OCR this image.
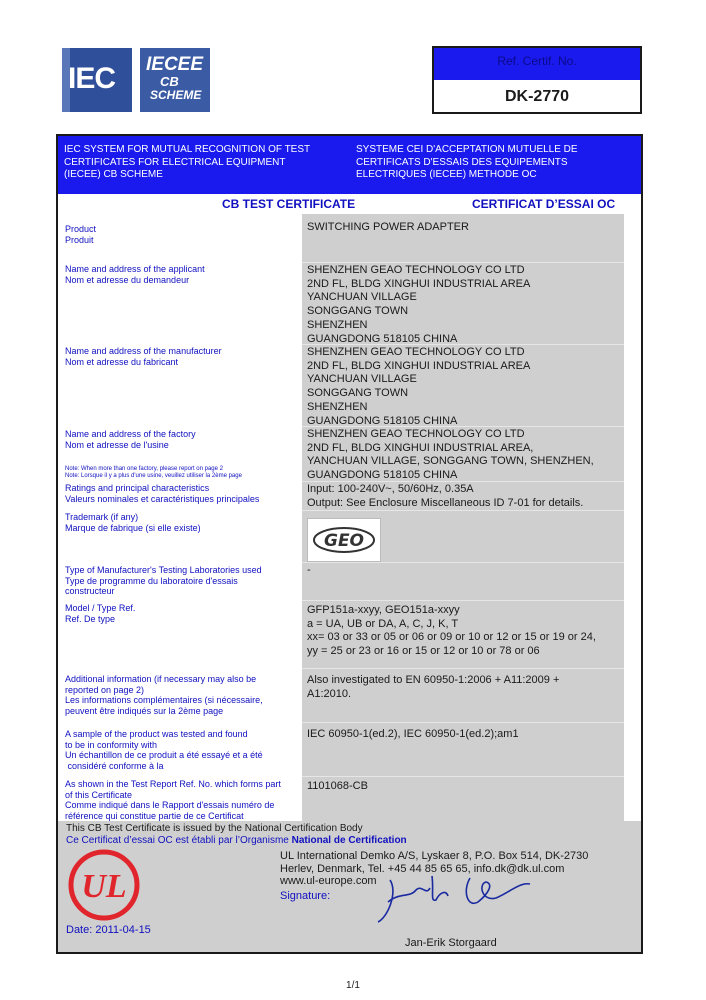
IEC IECEE
CB
SCHEME
Ref. Certif. No.
DK-2770
IEC SYSTEM FOR MUTUAL RECOGNITION OF TEST
CERTIFICATES FOR ELECTRICAL EQUIPMENT
(IECEE) CB SCHEME
SYSTEME CEI D'ACCEPTATION MUTUELLE DE
CERTIFICATS D'ESSAIS DES EQUIPEMENTS
ELECTRIQUES (IECEE) METHODE OC
CB TEST CERTIFICATE	CERTIFICAT D’ESSAI OC
Product
Produit
Name and address of the applicant
Nom et adresse du demandeur
Name and address of the manufacturer
Nom et adresse du fabricant
Name and address of the factory
Nom et adresse de l'usine
Note: When more than one factory, please report on page 2
Note: Lorsque il y a plus d'une usine, veuillez utiliser la 2ème page
Ratings and principal characteristics
Valeurs nominales et caractéristiques principales
Trademark (if any)
Marque de fabrique (si elle existe)
Type of Manufacturer's Testing Laboratories used
Type de programme du laboratoire d'essais
constructeur
Model / Type Ref.
Ref. De type
Additional information (if necessary may also be
reported on page 2)
Les informations complémentaires (si nécessaire,
peuvent être indiqués sur la 2ème page
A sample of the product was tested and found
to be in conformity with
Un échantillon de ce produit a été essayé et a été
considéré conforme à la
As shown in the Test Report Ref. No. which forms part
of this Certificate
Comme indiqué dans le Rapport d'essais numéro de
référence qui constitue partie de ce Certificat
SWITCHING POWER ADAPTER
SHENZHEN GEAO TECHNOLOGY CO LTD
2ND FL, BLDG XINGHUI INDUSTRIAL AREA
YANCHUAN VILLAGE
SONGGANG TOWN
SHENZHEN
GUANGDONG 518105 CHINA
SHENZHEN GEAO TECHNOLOGY CO LTD
2ND FL, BLDG XINGHUI INDUSTRIAL AREA
YANCHUAN VILLAGE
SONGGANG TOWN
SHENZHEN
GUANGDONG 518105 CHINA
SHENZHEN GEAO TECHNOLOGY CO LTD
2ND FL, BLDG XINGHUI INDUSTRIAL AREA,
YANCHUAN VILLAGE, SONGGANG TOWN, SHENZHEN,
GUANGDONG 518105 CHINA
Input: 100-240V~, 50/60Hz, 0.35A
Output: See Enclosure Miscellaneous ID 7-01 for details.
GEO
-
GFP151a-xxyy, GEO151a-xxyy
a = UA, UB or DA, A, C, J, K, T
xx= 03 or 33 or 05 or 06 or 09 or 10 or 12 or 15 or 19 or 24,
yy = 25 or 23 or 16 or 15 or 12 or 10 or 78 or 06
Also investigated to EN 60950-1:2006 + A11:2009 +
A1:2010.
IEC 60950-1(ed.2), IEC 60950-1(ed.2);am1
1101068-CB
This CB Test Certificate is issued by the National Certification Body
Ce Certificat d’essai OC est établi par l’Organisme National de Certification
UL
UL International Demko A/S, Lyskaer 8, P.O. Box 514, DK-2730
Herlev, Denmark, Tel. +45 44 85 65 65, info.dk@dk.ul.com
www.ul-europe.com
Signature:
Date: 2011-04-15
Jan-Erik Storgaard
1/1
